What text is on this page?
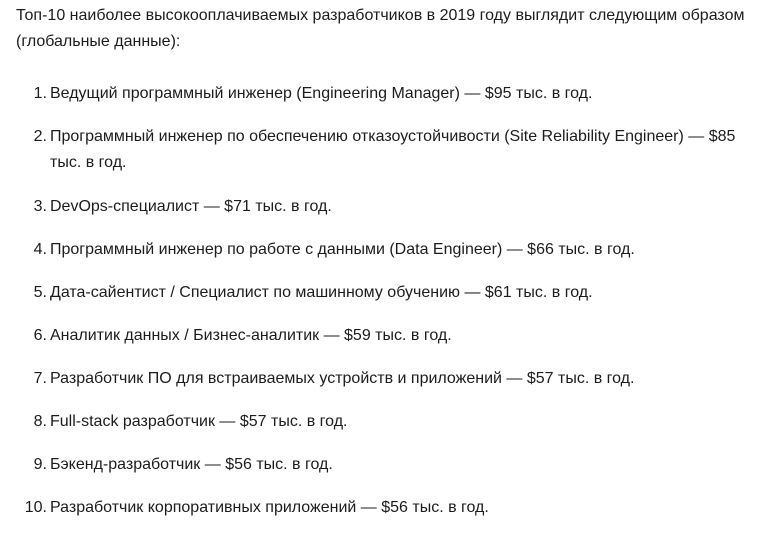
Топ-10 наиболее высокооплачиваемых разработчиков в 2019 году выглядит следующим образом (глобальные данные):

1. Ведущий программный инженер (Engineering Manager) — $95 тыс. в год.
2. Программный инженер по обеспечению отказоустойчивости (Site Reliability Engineer) — $85 тыс. в год.
3. DevOps-специалист — $71 тыс. в год.
4. Программный инженер по работе с данными (Data Engineer) — $66 тыс. в год.
5. Дата-сайентист / Специалист по машинному обучению — $61 тыс. в год.
6. Аналитик данных / Бизнес-аналитик — $59 тыс. в год.
7. Разработчик ПО для встраиваемых устройств и приложений — $57 тыс. в год.
8. Full-stack разработчик — $57 тыс. в год.
9. Бэкенд-разработчик — $56 тыс. в год.
10. Разработчик корпоративных приложений — $56 тыс. в год.
